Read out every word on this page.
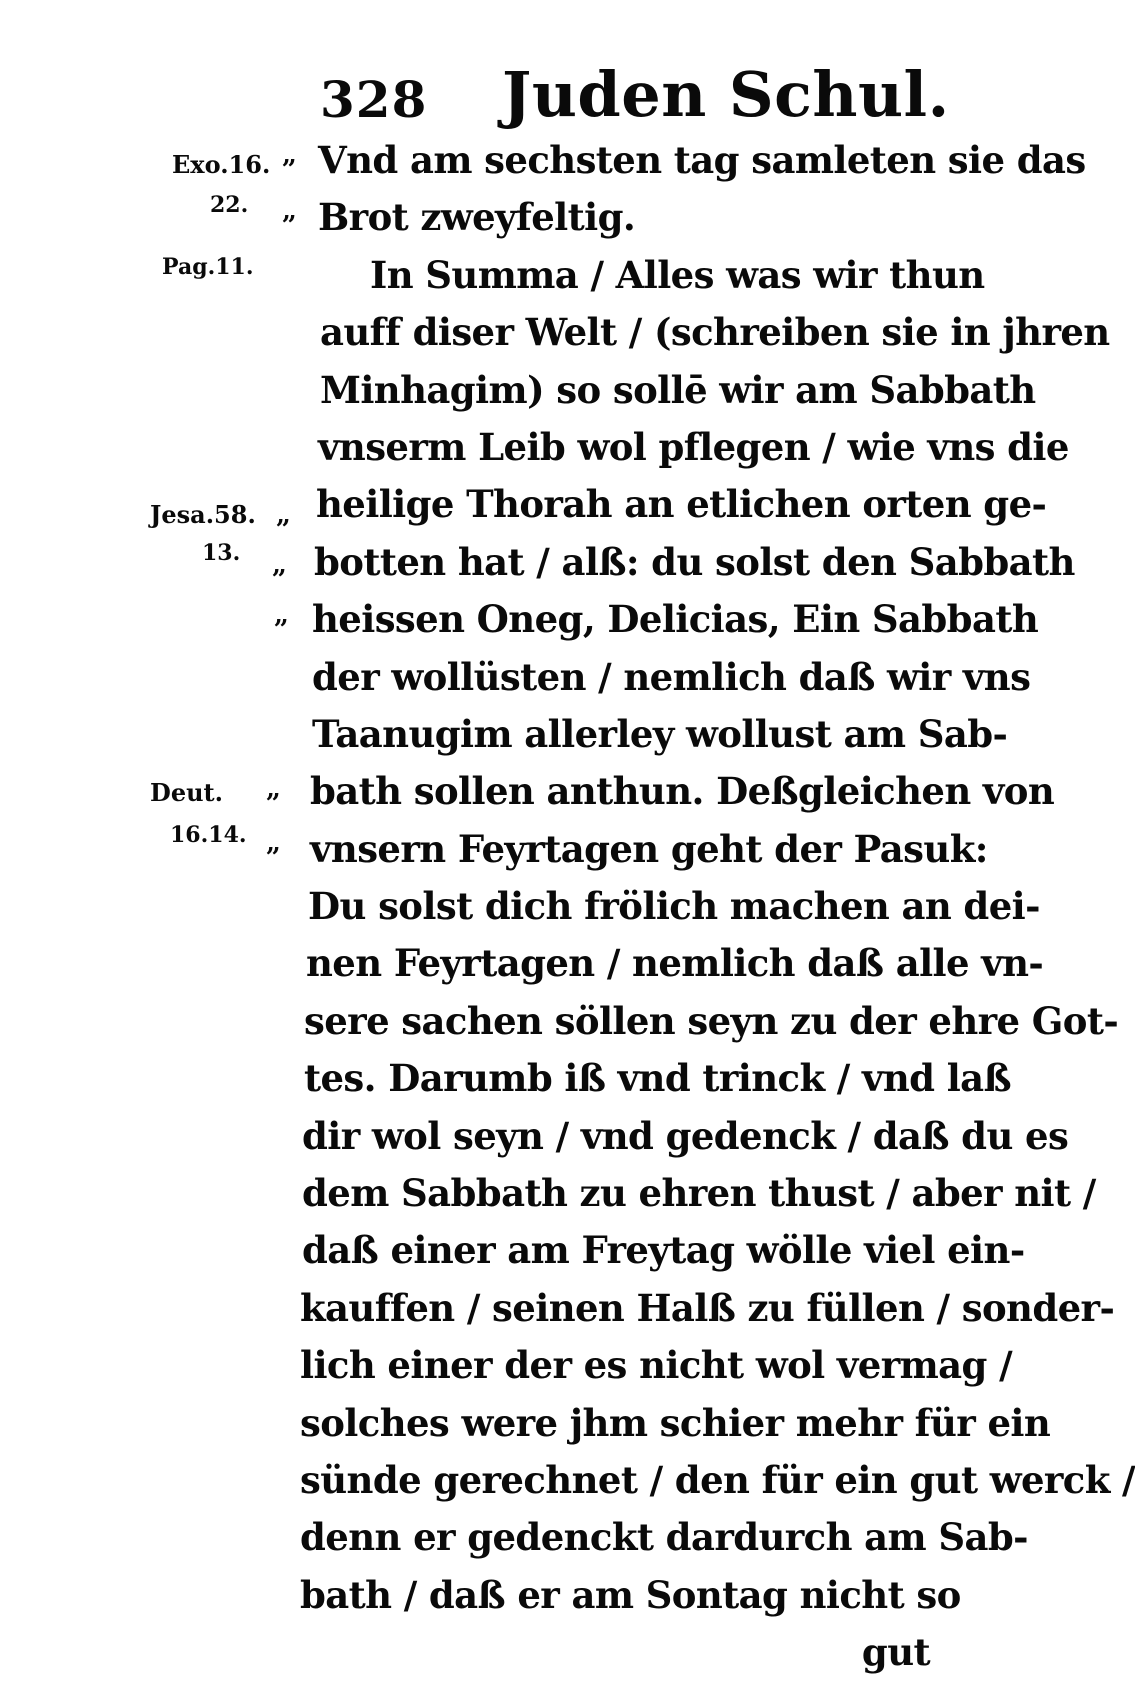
328 Juden Schul.
Exo.16.
22.
Pag.11.
Jesa.58.
13.
Deut.
16.14.
„
„
„
„
„
„
„
Vnd am sechsten tag samleten sie das
Brot zweyfeltig.
In Summa / Alles was wir thun
auff diser Welt / (schreiben sie in jhren
Minhagim) so sollē wir am Sabbath
vnserm Leib wol pflegen / wie vns die
heilige Thorah an etlichen orten ge-
botten hat / alß: du solst den Sabbath
heissen Oneg, Delicias, Ein Sabbath
der wollüsten / nemlich daß wir vns
Taanugim allerley wollust am Sab-
bath sollen anthun. Deßgleichen von
vnsern Feyrtagen geht der Pasuk:
Du solst dich frölich machen an dei-
nen Feyrtagen / nemlich daß alle vn-
sere sachen söllen seyn zu der ehre Got-
tes. Darumb iß vnd trinck / vnd laß
dir wol seyn / vnd gedenck / daß du es
dem Sabbath zu ehren thust / aber nit /
daß einer am Freytag wölle viel ein-
kauffen / seinen Halß zu füllen / sonder-
lich einer der es nicht wol vermag /
solches were jhm schier mehr für ein
sünde gerechnet / den für ein gut werck /
denn er gedenckt dardurch am Sab-
bath / daß er am Sontag nicht so
gut
